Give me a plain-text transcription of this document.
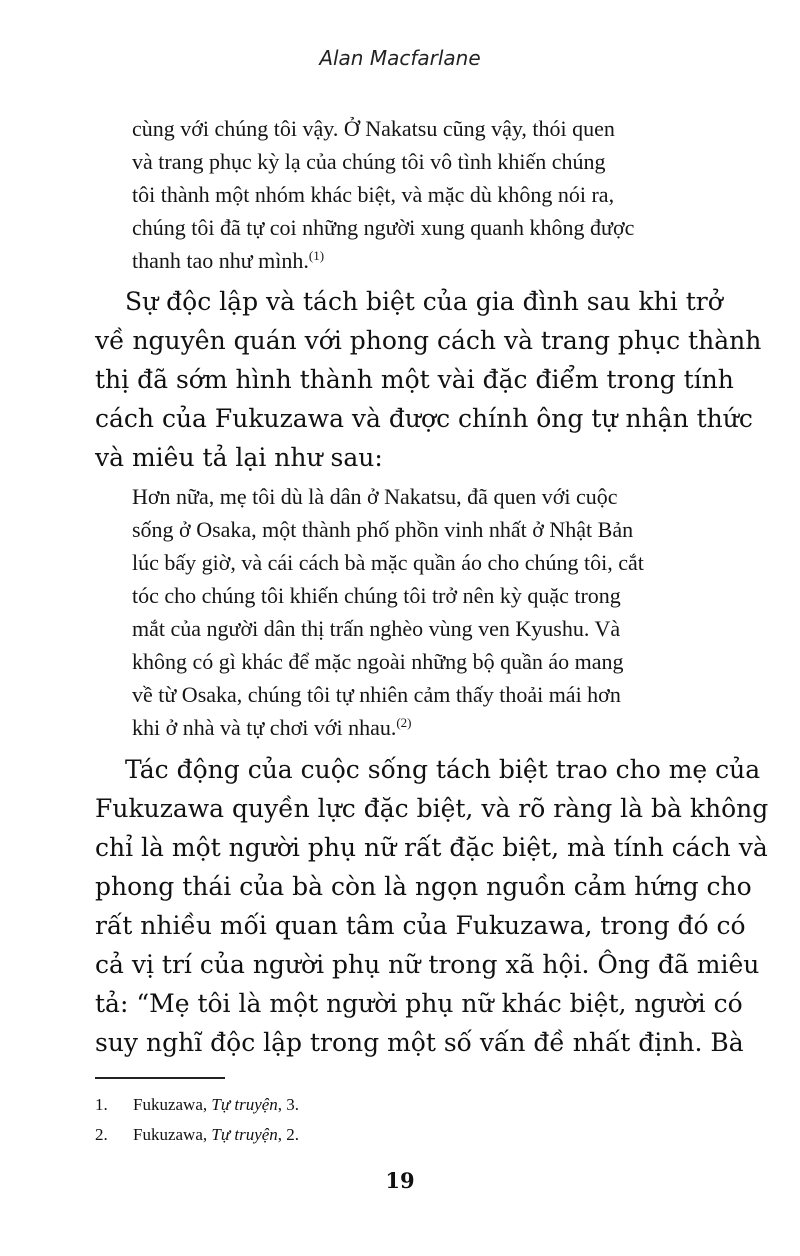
Alan Macfarlane
cùng với chúng tôi vậy. Ở Nakatsu cũng vậy, thói quen
và trang phục kỳ lạ của chúng tôi vô tình khiến chúng
tôi thành một nhóm khác biệt, và mặc dù không nói ra,
chúng tôi đã tự coi những người xung quanh không được
thanh tao như mình.$^{(1)}$
Sự độc lập và tách biệt của gia đình sau khi trở
về nguyên quán với phong cách và trang phục thành
thị đã sớm hình thành một vài đặc điểm trong tính
cách của Fukuzawa và được chính ông tự nhận thức
và miêu tả lại như sau:
Hơn nữa, mẹ tôi dù là dân ở Nakatsu, đã quen với cuộc
sống ở Osaka, một thành phố phồn vinh nhất ở Nhật Bản
lúc bấy giờ, và cái cách bà mặc quần áo cho chúng tôi, cắt
tóc cho chúng tôi khiến chúng tôi trở nên kỳ quặc trong
mắt của người dân thị trấn nghèo vùng ven Kyushu. Và
không có gì khác để mặc ngoài những bộ quần áo mang
về từ Osaka, chúng tôi tự nhiên cảm thấy thoải mái hơn
khi ở nhà và tự chơi với nhau.$^{(2)}$
Tác động của cuộc sống tách biệt trao cho mẹ của
Fukuzawa quyền lực đặc biệt, và rõ ràng là bà không
chỉ là một người phụ nữ rất đặc biệt, mà tính cách và
phong thái của bà còn là ngọn nguồn cảm hứng cho
rất nhiều mối quan tâm của Fukuzawa, trong đó có
cả vị trí của người phụ nữ trong xã hội. Ông đã miêu
tả: “Mẹ tôi là một người phụ nữ khác biệt, người có
suy nghĩ độc lập trong một số vấn đề nhất định. Bà
1. Fukuzawa, Tự truyện, 3.
2. Fukuzawa, Tự truyện, 2.
19
